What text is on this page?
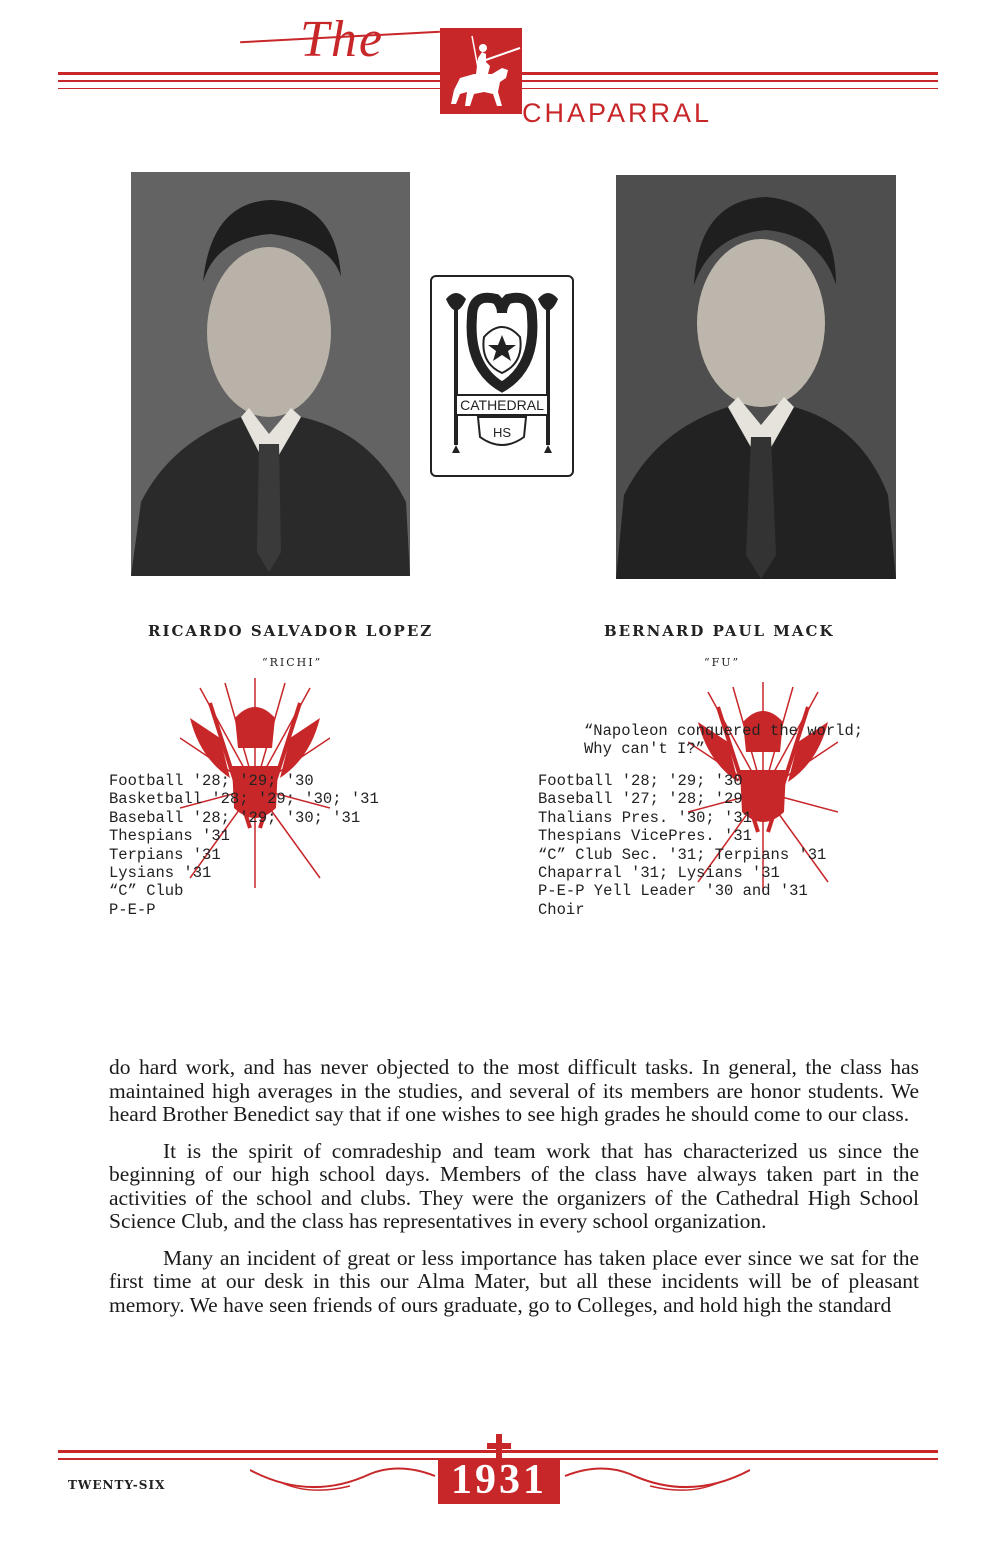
The
CHAPARRAL
CATHEDRAL
HS
RICARDO SALVADOR LOPEZ
“RICHI”
BERNARD PAUL MACK
“FU”
“Napoleon conquered the world;
Why can't I?”
Football '28; '29; '30
Basketball '28; '29; '30; '31
Baseball '28; '29; '30; '31
Thespians '31
Terpians '31
Lysians '31
“C” Club
P-E-P
Football '28; '29; '30
Baseball '27; '28; '29
Thalians Pres. '30; '31
Thespians VicePres. '31
“C” Club Sec. '31; Terpians '31
Chaparral '31; Lysians '31
P-E-P Yell Leader '30 and '31
Choir

do hard work, and has never objected to the most difficult tasks. In general, the class has maintained high averages in the studies, and several of its members are honor students. We heard Brother Benedict say that if one wishes to see high grades he should come to our class.

It is the spirit of comradeship and team work that has characterized us since the beginning of our high school days. Members of the class have always taken part in the activities of the school and clubs. They were the organizers of the Cathedral High School Science Club, and the class has representatives in every school organization.

Many an incident of great or less importance has taken place ever since we sat for the first time at our desk in this our Alma Mater, but all these incidents will be of pleasant memory. We have seen friends of ours graduate, go to Colleges, and hold high the standard

1931
TWENTY-SIX
